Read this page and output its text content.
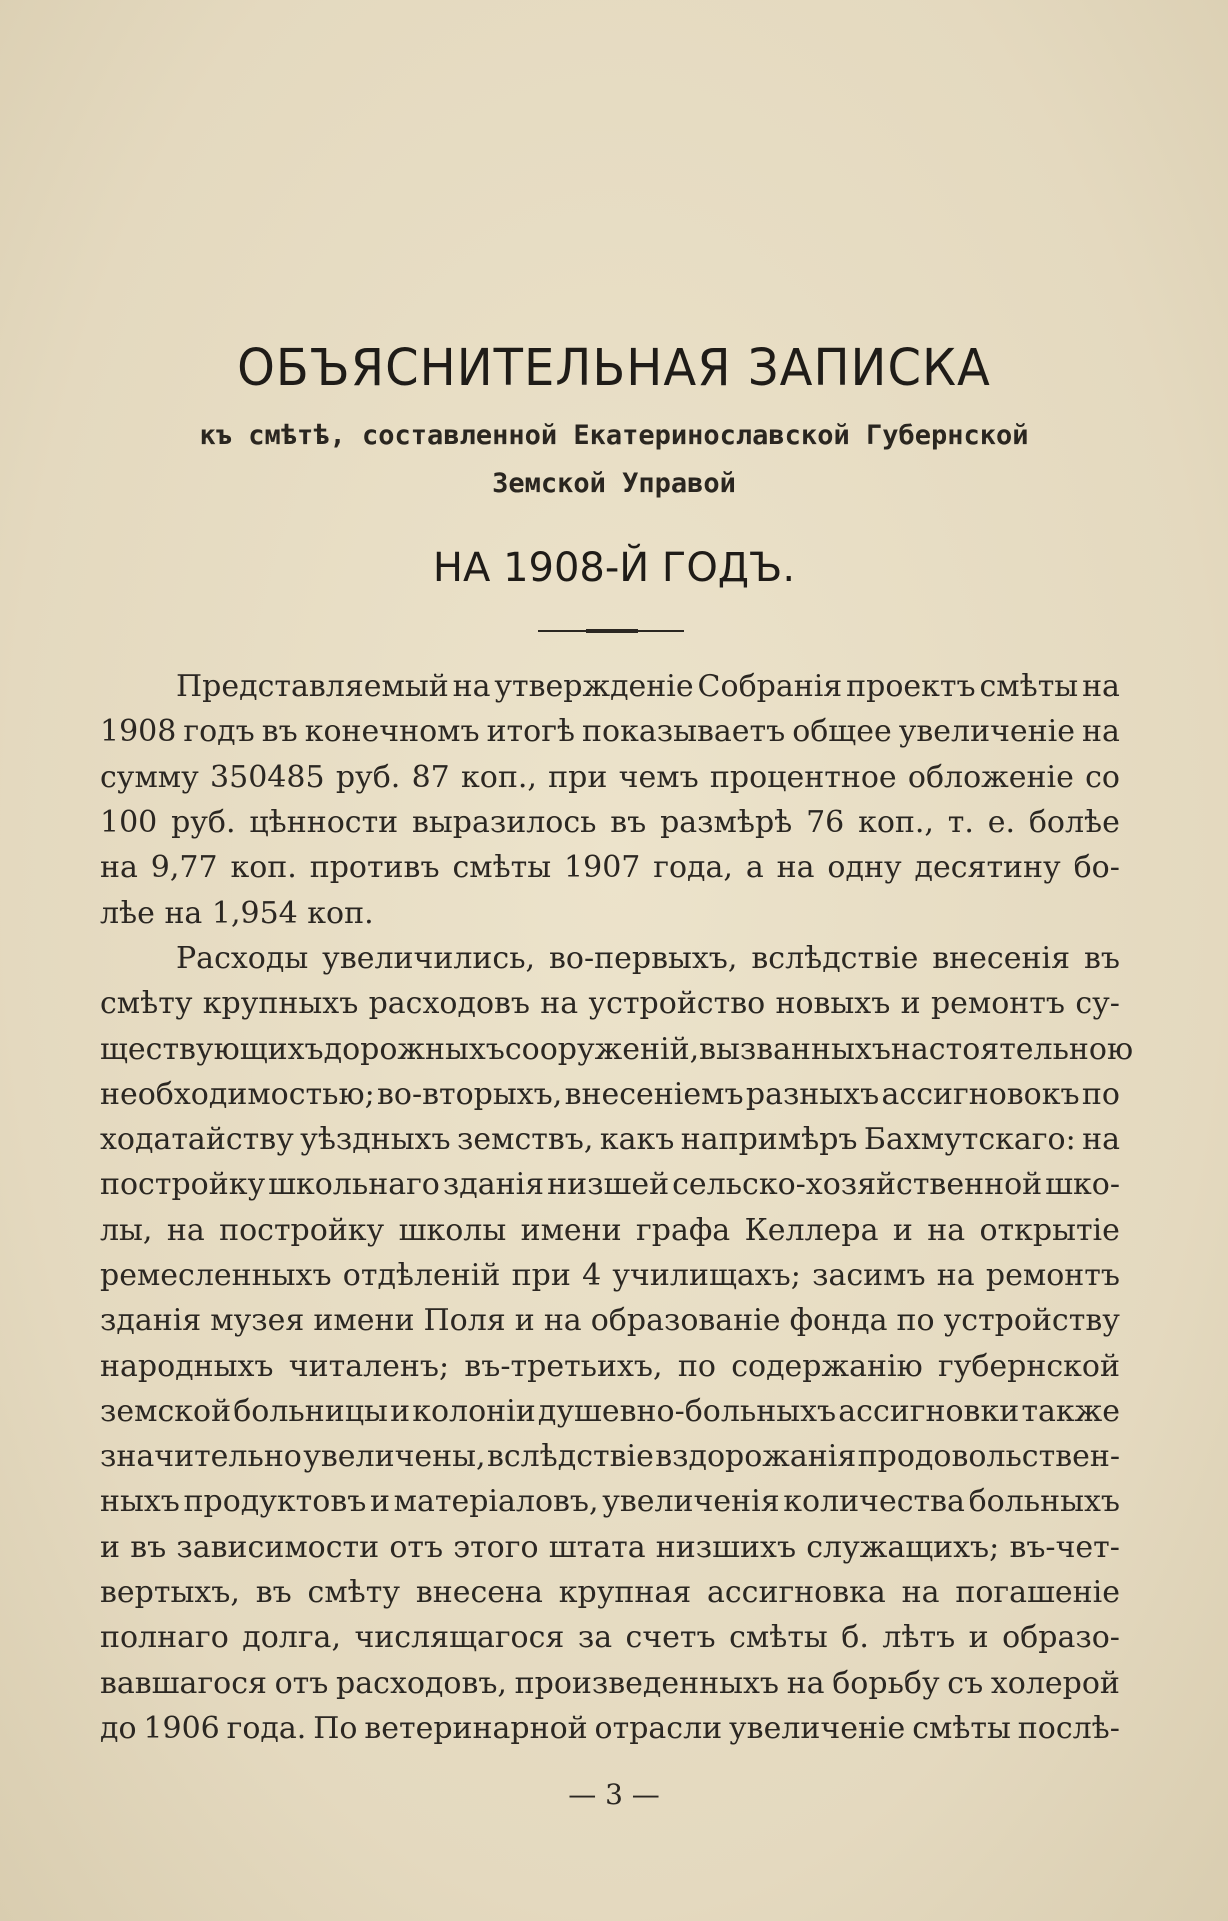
ОБЪЯСНИТЕЛЬНАЯ ЗАПИСКА
къ смѣтѣ, составленной Екатеринославской Губернской
Земской Управой
НА 1908-Й ГОДЪ.
Представляемый на утвержденіе Собранія проектъ смѣты на
1908 годъ въ конечномъ итогѣ показываетъ общее увеличеніе на
сумму 350485 руб. 87 коп., при чемъ процентное обложеніе со
100 руб. цѣнности выразилось въ размѣрѣ 76 коп., т. е. болѣе
на 9,77 коп. противъ смѣты 1907 года, а на одну десятину бо-
лѣе на 1,954 коп.
Расходы увеличились, во-первыхъ, вслѣдствіе внесенія въ
смѣту крупныхъ расходовъ на устройство новыхъ и ремонтъ су-
ществующихъ дорожныхъ сооруженій, вызванныхъ настоятельною
необходимостью; во-вторыхъ, внесеніемъ разныхъ ассигновокъ по
ходатайству уѣздныхъ земствъ, какъ напримѣръ Бахмутскаго: на
постройку школьнаго зданія низшей сельско-хозяйственной шко-
лы, на постройку школы имени графа Келлера и на открытіе
ремесленныхъ отдѣленій при 4 училищахъ; засимъ на ремонтъ
зданія музея имени Поля и на образованіе фонда по устройству
народныхъ читаленъ; въ-третьихъ, по содержанію губернской
земской больницы и колоніи душевно-больныхъ ассигновки также
значительно увеличены, вслѣдствіе вздорожанія продовольствен-
ныхъ продуктовъ и матеріаловъ, увеличенія количества больныхъ
и въ зависимости отъ этого штата низшихъ служащихъ; въ-чет-
вертыхъ, въ смѣту внесена крупная ассигновка на погашеніе
полнаго долга, числящагося за счетъ смѣты б. лѣтъ и образо-
вавшагося отъ расходовъ, произведенныхъ на борьбу съ холерой
до 1906 года. По ветеринарной отрасли увеличеніе смѣты послѣ-
— 3 —
